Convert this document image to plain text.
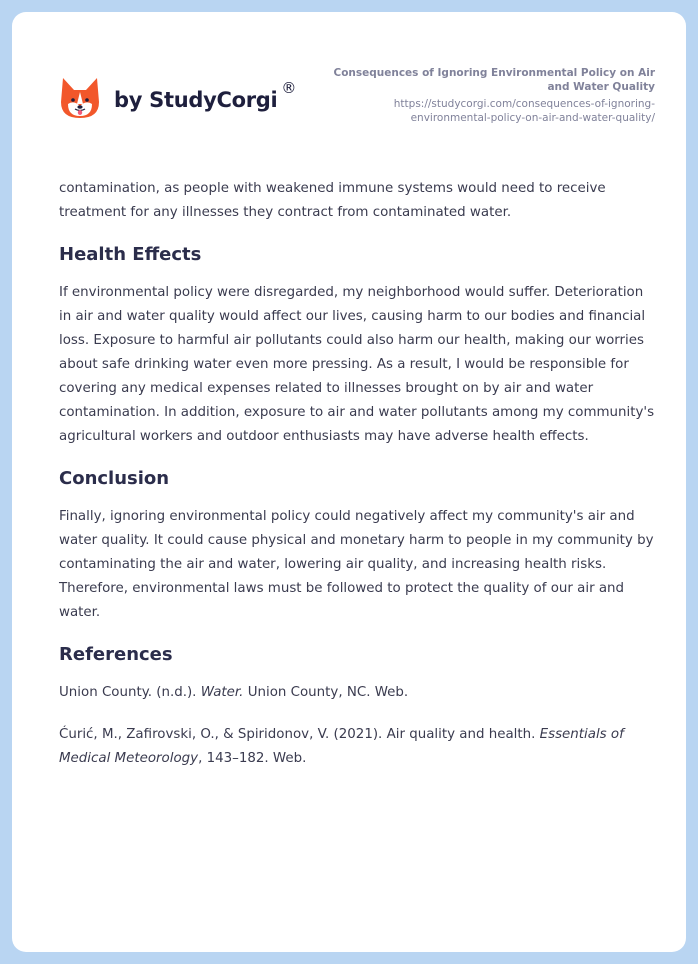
by StudyCorgi ®
Consequences of Ignoring Environmental Policy on Air and Water Quality
https://studycorgi.com/consequences-of-ignoring-environmental-policy-on-air-and-water-quality/

contamination, as people with weakened immune systems would need to receive treatment for any illnesses they contract from contaminated water.

Health Effects

If environmental policy were disregarded, my neighborhood would suffer. Deterioration in air and water quality would affect our lives, causing harm to our bodies and financial loss. Exposure to harmful air pollutants could also harm our health, making our worries about safe drinking water even more pressing. As a result, I would be responsible for covering any medical expenses related to illnesses brought on by air and water contamination. In addition, exposure to air and water pollutants among my community's agricultural workers and outdoor enthusiasts may have adverse health effects.

Conclusion

Finally, ignoring environmental policy could negatively affect my community's air and water quality. It could cause physical and monetary harm to people in my community by contaminating the air and water, lowering air quality, and increasing health risks. Therefore, environmental laws must be followed to protect the quality of our air and water.

References

Union County. (n.d.). Water. Union County, NC. Web.

Ćurić, M., Zafirovski, O., & Spiridonov, V. (2021). Air quality and health. Essentials of Medical Meteorology, 143–182. Web.
